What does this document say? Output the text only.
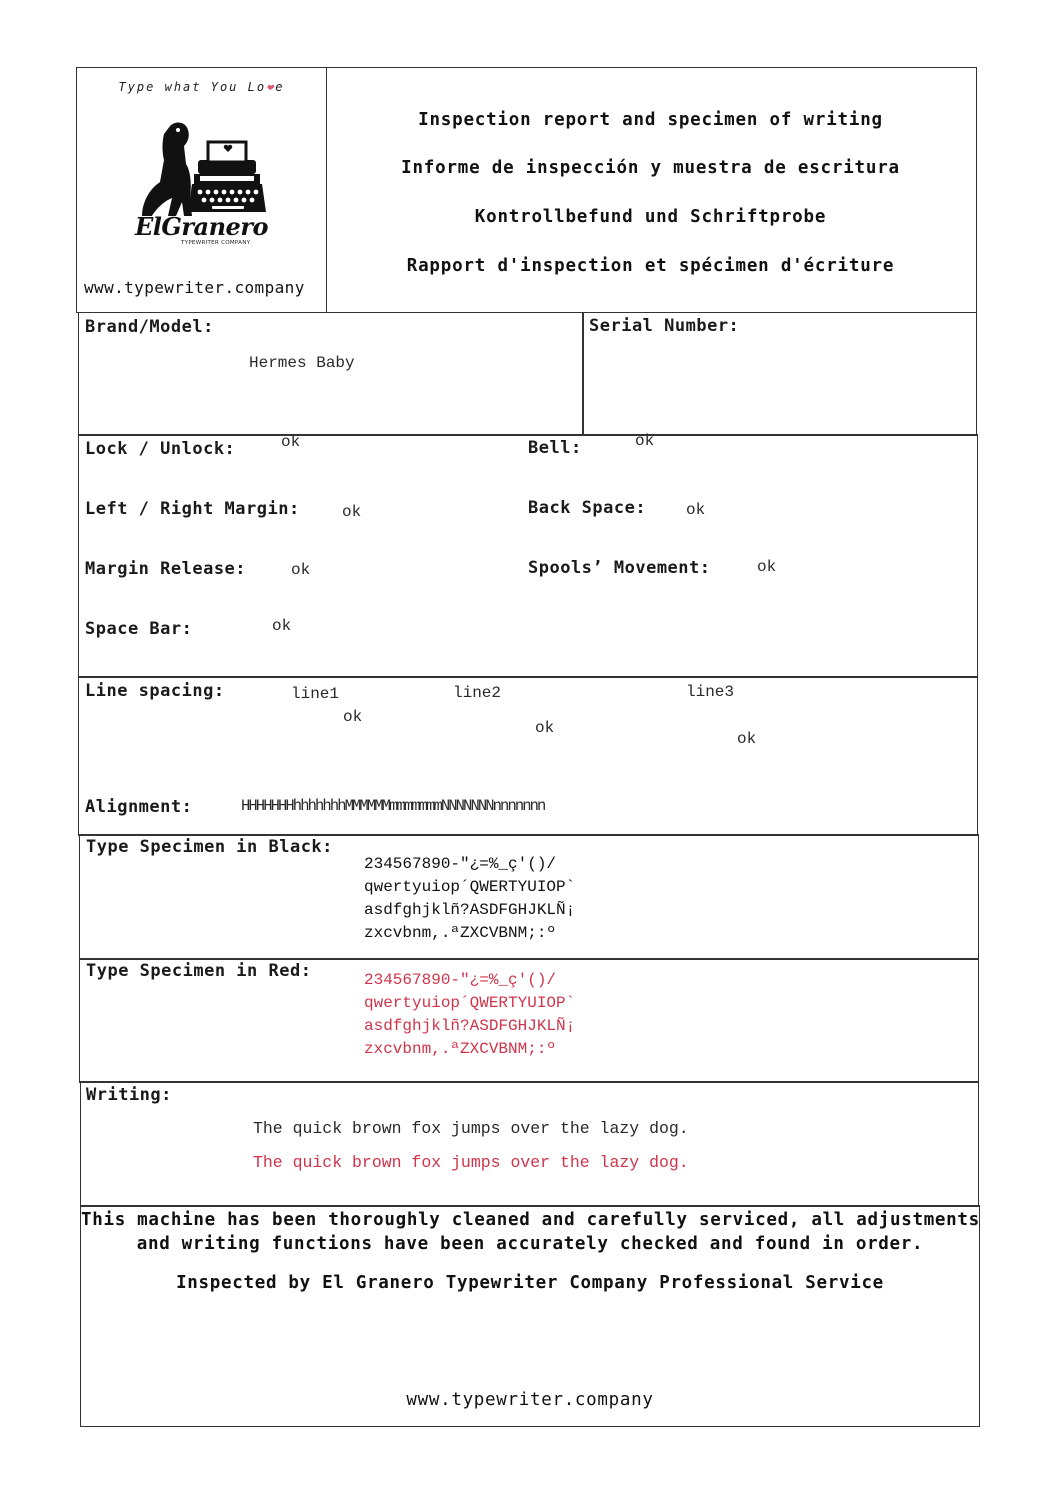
Type what You Lo❤e
ElGranero
TYPEWRITER COMPANY
www.typewriter.company
Inspection report and specimen of writing
Informe de inspección y muestra de escritura
Kontrollbefund und Schriftprobe
Rapport d'inspection et spécimen d'écriture
Brand/Model:
Hermes Baby
Serial Number:
Lock / Unlock:	ok	Bell:	ok
Left / Right Margin:	ok	Back Space: ok
Margin Release:	ok	Spools’ Movement:	ok
Space Bar:	ok
Line spacing:	line1
ok
line2
ok
line3
ok
Alignment:	HHHHHHHhhhhhhhMMMMMMmmmmmmmNNNNNNNnnnnnnn
Type Specimen in Black:
234567890-"¿=%_ç'()/
qwertyuiop´QWERTYUIOP`
asdfghjklñ?ASDFGHJKLÑ¡
zxcvbnm,.ªZXCVBNM;:º
Type Specimen in Red:	234567890-"¿=%_ç'()/
qwertyuiop´QWERTYUIOP`
asdfghjklñ?ASDFGHJKLÑ¡
zxcvbnm,.ªZXCVBNM;:º
Writing:
The quick brown fox jumps over the lazy dog.
The quick brown fox jumps over the lazy dog.
This machine has been thoroughly cleaned and carefully serviced, all adjustments
and writing functions have been accurately checked and found in order.
Inspected by El Granero Typewriter Company Professional Service
www.typewriter.company
